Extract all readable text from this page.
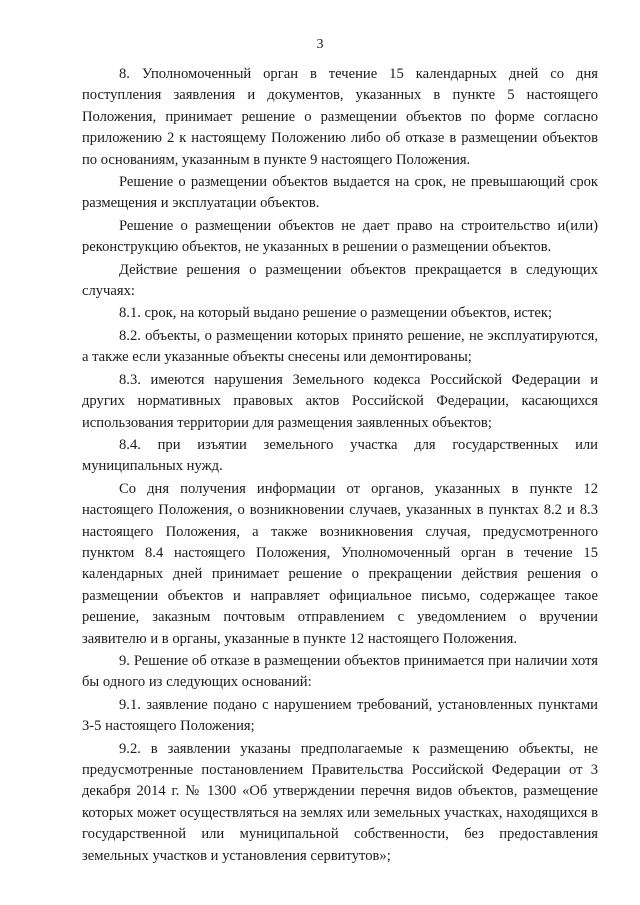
3

8. Уполномоченный орган в течение 15 календарных дней со дня поступления заявления и документов, указанных в пункте 5 настоящего Положения, принимает решение о размещении объектов по форме согласно приложению 2 к настоящему Положению либо об отказе в размещении объектов по основаниям, указанным в пункте 9 настоящего Положения.

Решение о размещении объектов выдается на срок, не превышающий срок размещения и эксплуатации объектов.

Решение о размещении объектов не дает право на строительство и(или) реконструкцию объектов, не указанных в решении о размещении объектов.

Действие решения о размещении объектов прекращается в следующих случаях:

8.1. срок, на который выдано решение о размещении объектов, истек;

8.2. объекты, о размещении которых принято решение, не эксплуатируются, а также если указанные объекты снесены или демонтированы;

8.3. имеются нарушения Земельного кодекса Российской Федерации и других нормативных правовых актов Российской Федерации, касающихся использования территории для размещения заявленных объектов;

8.4. при изъятии земельного участка для государственных или муниципальных нужд.

Со дня получения информации от органов, указанных в пункте 12 настоящего Положения, о возникновении случаев, указанных в пунктах 8.2 и 8.3 настоящего Положения, а также возникновения случая, предусмотренного пунктом 8.4 настоящего Положения, Уполномоченный орган в течение 15 календарных дней принимает решение о прекращении действия решения о размещении объектов и направляет официальное письмо, содержащее такое решение, заказным почтовым отправлением с уведомлением о вручении заявителю и в органы, указанные в пункте 12 настоящего Положения.

9. Решение об отказе в размещении объектов принимается при наличии хотя бы одного из следующих оснований:

9.1. заявление подано с нарушением требований, установленных пунктами 3-5 настоящего Положения;

9.2. в заявлении указаны предполагаемые к размещению объекты, не предусмотренные постановлением Правительства Российской Федерации от 3 декабря 2014 г. № 1300 «Об утверждении перечня видов объектов, размещение которых может осуществляться на землях или земельных участках, находящихся в государственной или муниципальной собственности, без предоставления земельных участков и установления сервитутов»;
